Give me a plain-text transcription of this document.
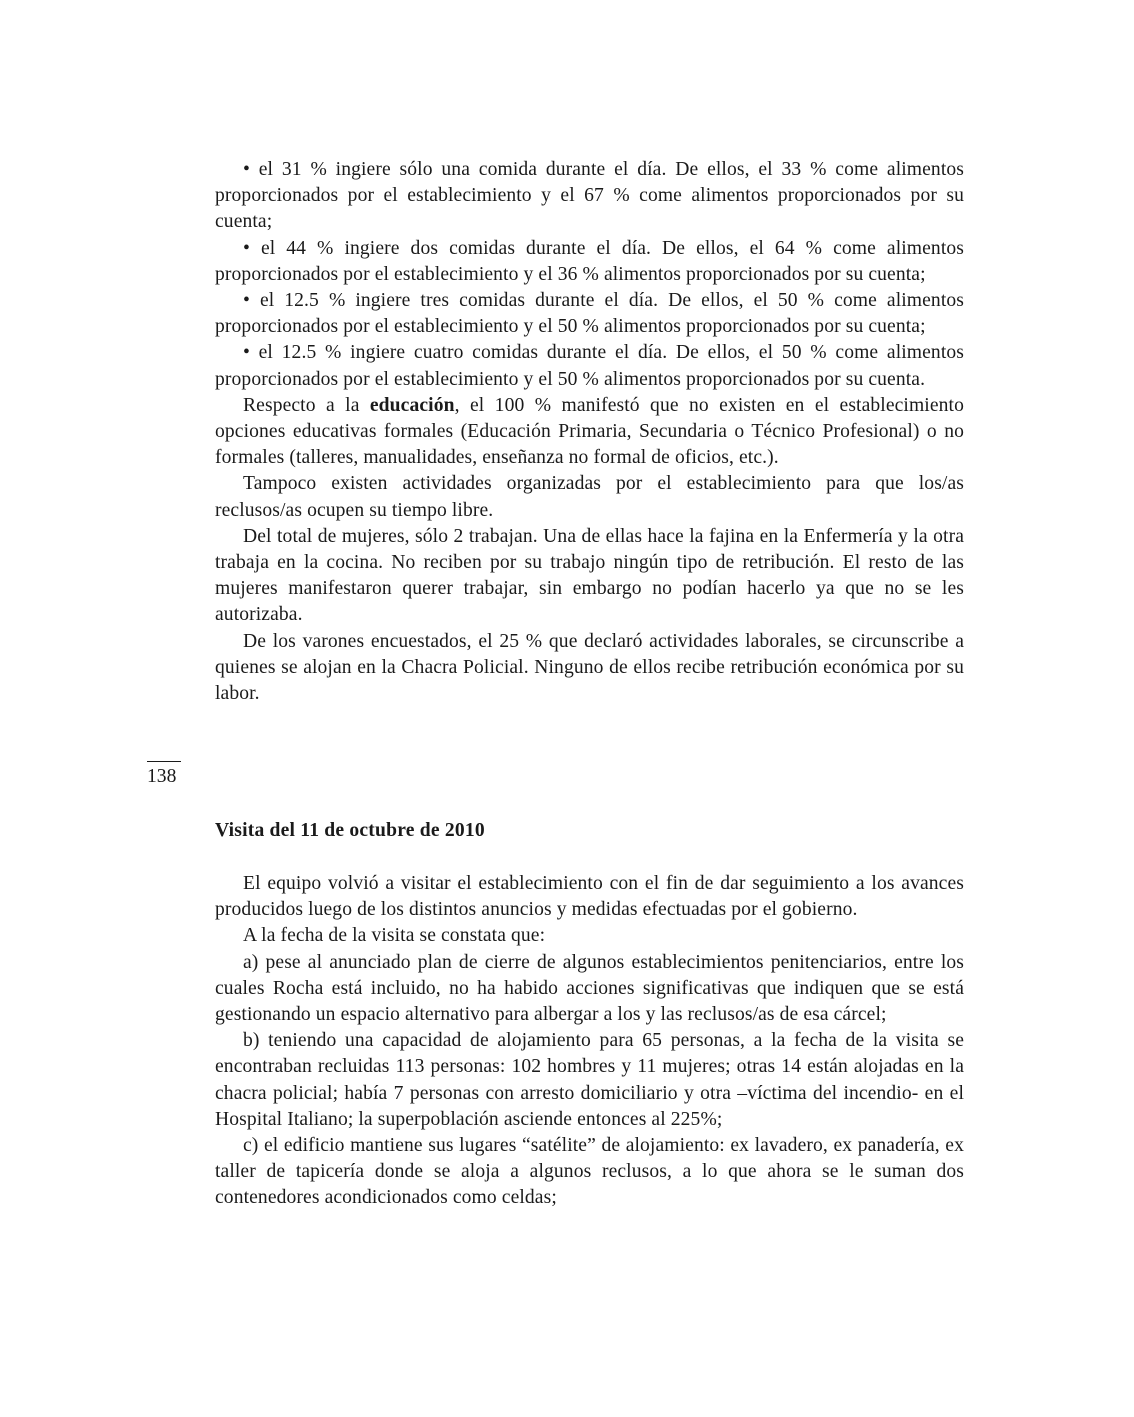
• el 31 % ingiere sólo una comida durante el día. De ellos, el 33 % come alimentos proporcionados por el establecimiento y el 67 % come alimentos proporcionados por su cuenta;

• el 44 % ingiere dos comidas durante el día. De ellos, el 64 % come alimentos proporcionados por el establecimiento y el 36 % alimentos proporcionados por su cuenta;

• el 12.5 % ingiere tres comidas durante el día. De ellos, el 50 % come alimentos proporcionados por el establecimiento y el 50 % alimentos proporcionados por su cuenta;

• el 12.5 % ingiere cuatro comidas durante el día. De ellos, el 50 % come alimentos proporcionados por el establecimiento y el 50 % alimentos proporcionados por su cuenta.

Respecto a la educación, el 100 % manifestó que no existen en el establecimiento opciones educativas formales (Educación Primaria, Secundaria o Técnico Profesional) o no formales (talleres, manualidades, enseñanza no formal de oficios, etc.).

Tampoco existen actividades organizadas por el establecimiento para que los/as reclusos/as ocupen su tiempo libre.

Del total de mujeres, sólo 2 trabajan. Una de ellas hace la fajina en la Enfermería y la otra trabaja en la cocina. No reciben por su trabajo ningún tipo de retribución. El resto de las mujeres manifestaron querer trabajar, sin embargo no podían hacerlo ya que no se les autorizaba.

De los varones encuestados, el 25 % que declaró actividades laborales, se circunscribe a quienes se alojan en la Chacra Policial. Ninguno de ellos recibe retribución económica por su labor.

138
Visita del 11 de octubre de 2010

El equipo volvió a visitar el establecimiento con el fin de dar seguimiento a los avances producidos luego de los distintos anuncios y medidas efectuadas por el gobierno.

A la fecha de la visita se constata que:

a) pese al anunciado plan de cierre de algunos establecimientos penitenciarios, entre los cuales Rocha está incluido, no ha habido acciones significativas que indiquen que se está gestionando un espacio alternativo para albergar a los y las reclusos/as de esa cárcel;

b) teniendo una capacidad de alojamiento para 65 personas, a la fecha de la visita se encontraban recluidas 113 personas: 102 hombres y 11 mujeres; otras 14 están alojadas en la chacra policial; había 7 personas con arresto domiciliario y otra –víctima del incendio- en el Hospital Italiano; la superpoblación asciende entonces al 225%;

c) el edificio mantiene sus lugares “satélite” de alojamiento: ex lavadero, ex panadería, ex taller de tapicería donde se aloja a algunos reclusos, a lo que ahora se le suman dos contenedores acondicionados como celdas;
